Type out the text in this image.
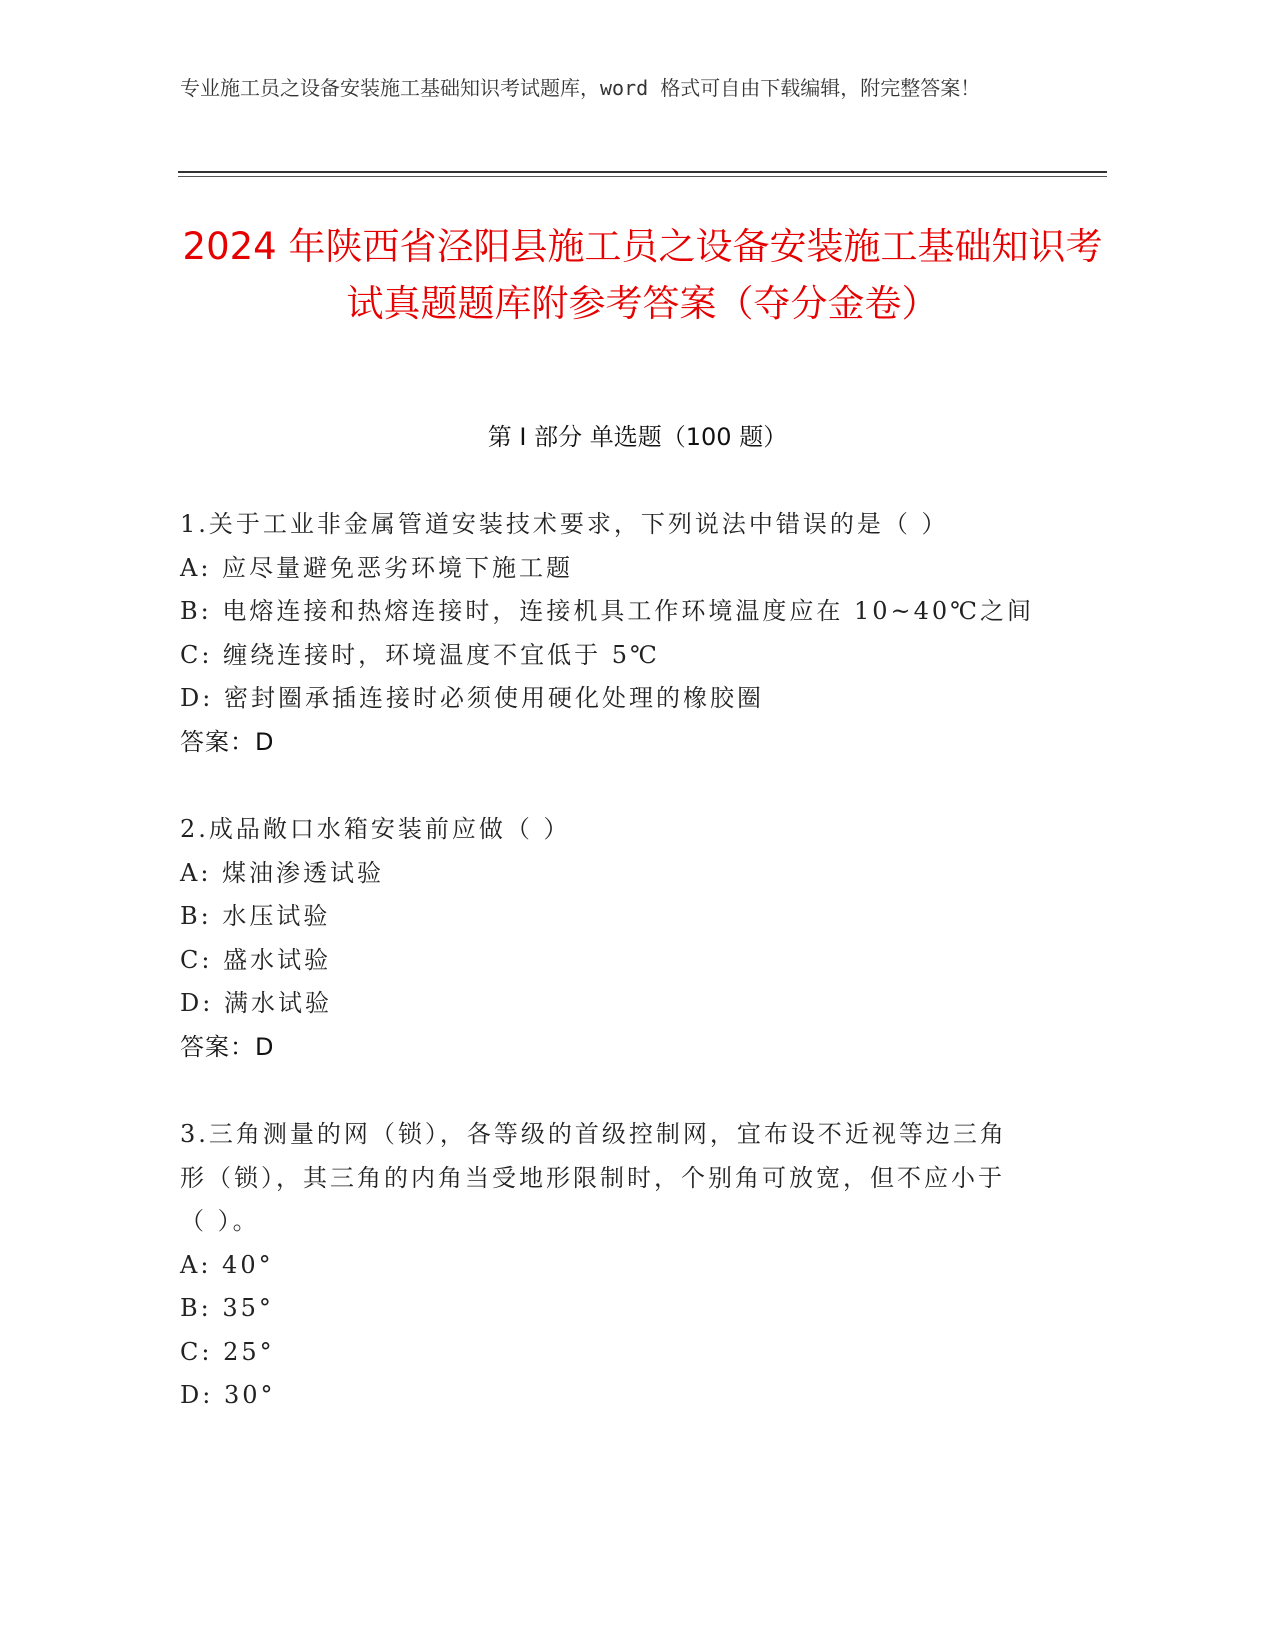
专业施工员之设备安装施工基础知识考试题库，word 格式可自由下载编辑，附完整答案！
2024 年陕西省泾阳县施工员之设备安装施工基础知识考试真题题库附参考答案（夺分金卷）
第 I 部分 单选题（100 题）
1.关于工业非金属管道安装技术要求，下列说法中错误的是（ ）
A: 应尽量避免恶劣环境下施工题
B: 电熔连接和热熔连接时，连接机具工作环境温度应在 10~40℃之间
C: 缠绕连接时，环境温度不宜低于 5℃
D: 密封圈承插连接时必须使用硬化处理的橡胶圈
答案：D
2.成品敞口水箱安装前应做（ ）
A: 煤油渗透试验
B: 水压试验
C: 盛水试验
D: 满水试验
答案：D
3.三角测量的网（锁），各等级的首级控制网，宜布设不近视等边三角形（锁），其三角的内角当受地形限制时，个别角可放宽，但不应小于（ ）。
A: 40°
B: 35°
C: 25°
D: 30°
